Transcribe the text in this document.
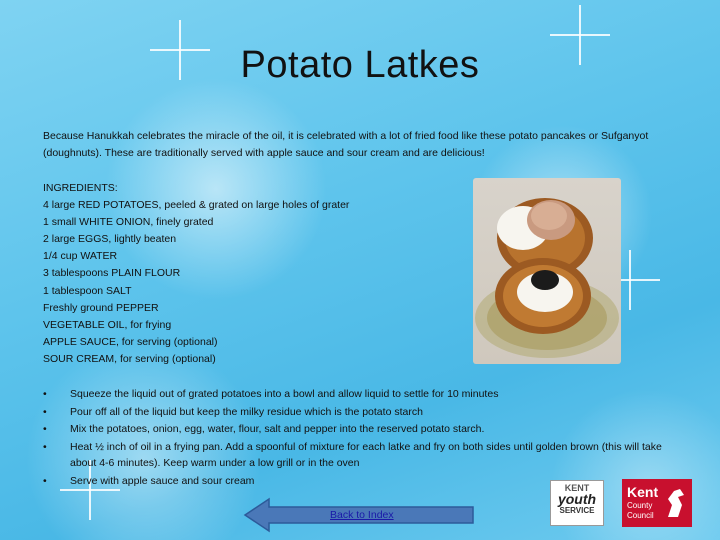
Potato Latkes
Because Hanukkah celebrates the miracle of the oil, it is celebrated with a lot of fried food like these potato pancakes or Sufganyot (doughnuts). These are traditionally served with apple sauce and sour cream and are delicious!
INGREDIENTS:
4 large RED POTATOES, peeled & grated on large holes of grater
1 small WHITE ONION, finely grated
2 large EGGS, lightly beaten
1/4 cup WATER
3 tablespoons PLAIN FLOUR
1 tablespoon SALT
Freshly ground PEPPER
VEGETABLE OIL, for frying
APPLE SAUCE, for serving (optional)
SOUR CREAM, for serving (optional)
• Squeeze the liquid out of grated potatoes into a bowl and allow liquid to settle for 10 minutes
• Pour off all of the liquid but keep the milky residue which is the potato starch
• Mix the potatoes, onion, egg, water, flour, salt and pepper into the reserved potato starch.
• Heat ½ inch of oil in a frying pan. Add a spoonful of mixture for each latke and fry on both sides until golden brown (this will take about 4-6 minutes). Keep warm under a low grill or in the oven
• Serve with apple sauce and sour cream
Back to Index
KENT
youth
SERVICE
Kent
County
Council
